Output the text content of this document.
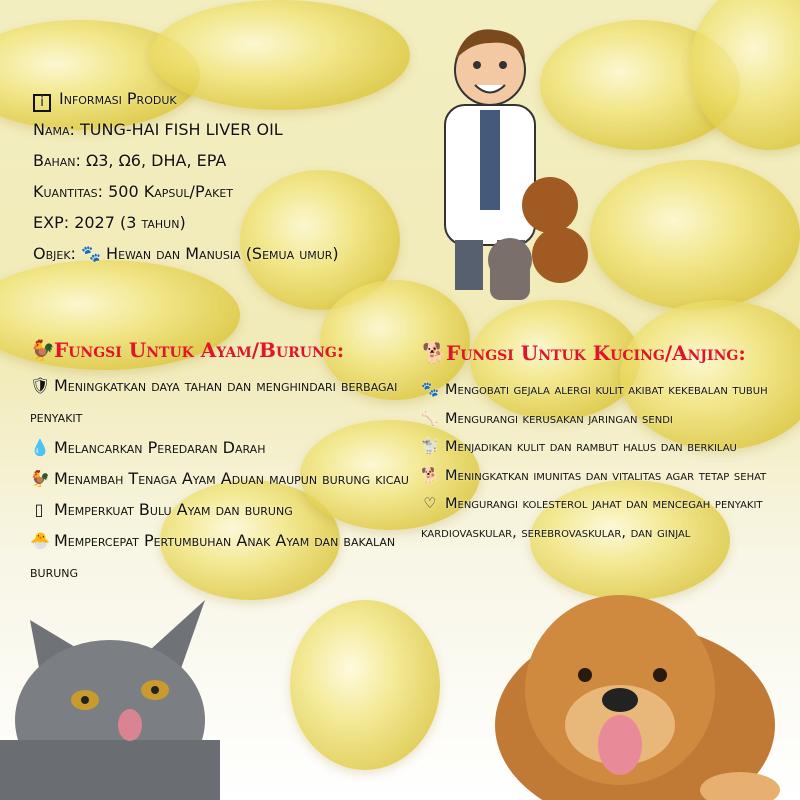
i Informasi Produk
Nama: TUNG-HAI FISH LIVER OIL
Bahan: Ω3, Ω6, DHA, EPA
Kuantitas: 500 Kapsul/Paket
EXP: 2027 (3 tahun)
Objek: 🐾 Hewan dan Manusia (Semua umur)
🐓Fungsi Untuk Ayam/Burung:
🛡 Meningkatkan daya tahan dan menghindari berbagai penyakit
💧 Melancarkan Peredaran Darah
🐓 Menambah Tenaga Ayam Aduan maupun burung kicau
▯ Memperkuat Bulu Ayam dan burung
🐣 Mempercepat Pertumbuhan Anak Ayam dan bakalan burung
🐕Fungsi Untuk Kucing/Anjing:
🐾 Mengobati gejala alergi kulit akibat kekebalan tubuh
🦴 Mengurangi kerusakan jaringan sendi
🐩 Menjadikan kulit dan rambut halus dan berkilau
🐕 Meningkatkan imunitas dan vitalitas agar tetap sehat
♡ Mengurangi kolesterol jahat dan mencegah penyakit kardiovaskular, serebrovaskular, dan ginjal
